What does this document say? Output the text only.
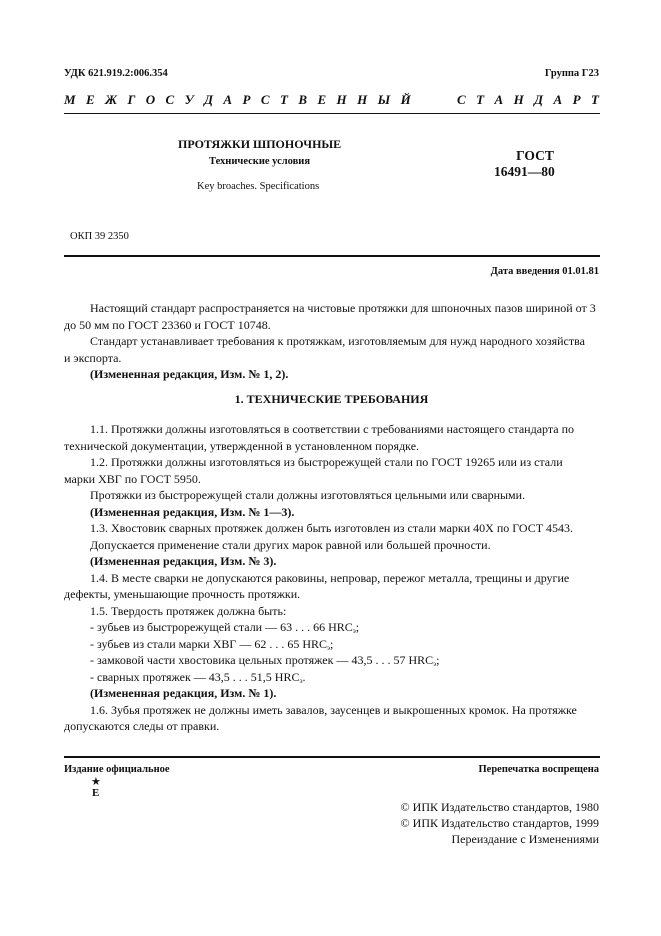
УДК 621.919.2:006.354	Группа Г23
М Е Ж Г О С У Д А Р С Т В Е Н Н Ы Й	С Т А Н Д А Р Т
ПРОТЯЖКИ ШПОНОЧНЫЕ
Технические условия
Key broaches. Specifications
ГОСТ
16491—80
ОКП 39 2350
Дата введения 01.01.81

Настоящий стандарт распространяется на чистовые протяжки для шпоночных пазов шириной от 3

до 50 мм по ГОСТ 23360 и ГОСТ 10748.

Стандарт устанавливает требования к протяжкам, изготовляемым для нужд народного хозяйства

и экспорта.

(Измененная редакция, Изм. № 1, 2).

1. ТЕХНИЧЕСКИЕ ТРЕБОВАНИЯ

1.1. Протяжки должны изготовляться в соответствии с требованиями настоящего стандарта по

технической документации, утвержденной в установленном порядке.

1.2. Протяжки должны изготовляться из быстрорежущей стали по ГОСТ 19265 или из стали

марки ХВГ по ГОСТ 5950.

Протяжки из быстрорежущей стали должны изготовляться цельными или сварными.

(Измененная редакция, Изм. № 1—3).

1.3. Хвостовик сварных протяжек должен быть изготовлен из стали марки 40Х по ГОСТ 4543.

Допускается применение стали других марок равной или большей прочности.

(Измененная редакция, Изм. № 3).

1.4. В месте сварки не допускаются раковины, непровар, пережог металла, трещины и другие

дефекты, уменьшающие прочность протяжки.

1.5. Твердость протяжек должна быть:

- зубьев из быстрорежущей стали — 63 . . . 66 $HRC_э$;

- зубьев из стали марки ХВГ — 62 . . . 65 $HRC_э$;

- замковой части хвостовика цельных протяжек — 43,5 . . . 57 $HRC_э$;

- сварных протяжек — 43,5 . . . 51,5 $HRC_э$.

(Измененная редакция, Изм. № 1).

1.6. Зубья протяжек не должны иметь завалов, заусенцев и выкрошенных кромок. На протяжке

допускаются следы от правки.

Издание официальное	Перепечатка воспрещена
★
Е
© ИПК Издательство стандартов, 1980
© ИПК Издательство стандартов, 1999
Переиздание с Изменениями
